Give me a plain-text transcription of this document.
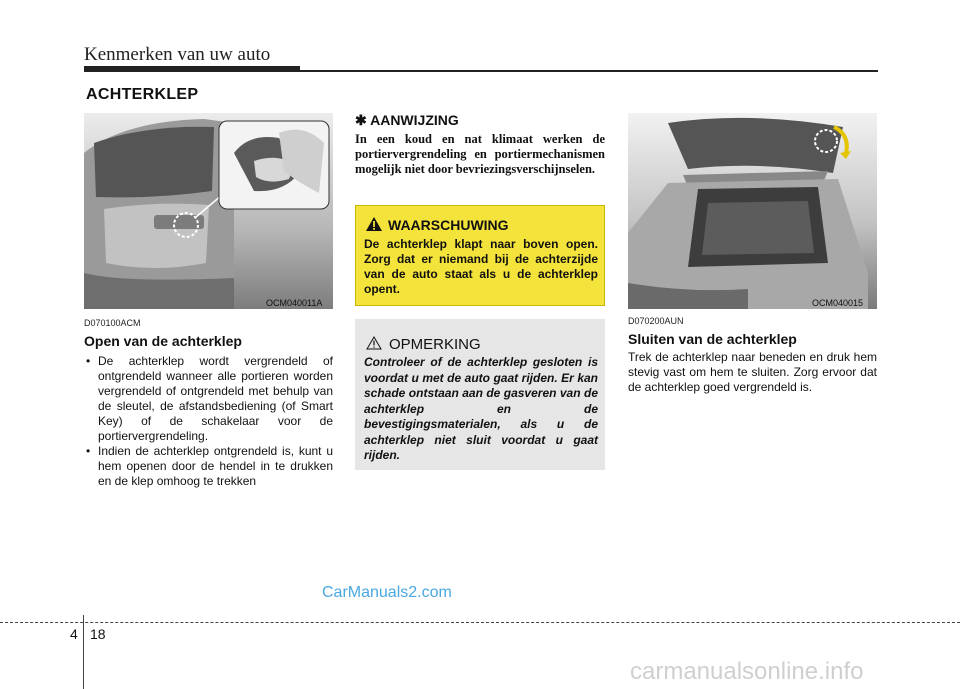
Kenmerken van uw auto
ACHTERKLEP
OCM040011A
D070100ACM
Open van de achterklep
• De achterklep wordt vergrendeld of ontgrendeld wanneer alle portieren worden vergrendeld of ontgrendeld met behulp van de sleutel, de afstandsbediening (of Smart Key) of de schakelaar voor de portiervergrendeling.
• Indien de achterklep ontgrendeld is, kunt u hem openen door de hendel in te drukken en de klep omhoog te trekken
✱ AANWIJZING
In een koud en nat klimaat werken de portiervergrendeling en portiermechanismen mogelijk niet door bevriezingsverschijnselen.
WAARSCHUWING
De achterklep klapt naar boven open. Zorg dat er niemand bij de achterzijde van de auto staat als u de achterklep opent.
OPMERKING
Controleer of de achterklep gesloten is voordat u met de auto gaat rijden. Er kan schade ontstaan aan de gasveren van de achterklep en de bevestigingsmaterialen, als u de achterklep niet sluit voordat u gaat rijden.
OCM040015
D070200AUN
Sluiten van de achterklep
Trek de achterklep naar beneden en druk hem stevig vast om hem te sluiten. Zorg ervoor dat de achterklep goed vergrendeld is.
CarManuals2.com
4 18
carmanualsonline.info
